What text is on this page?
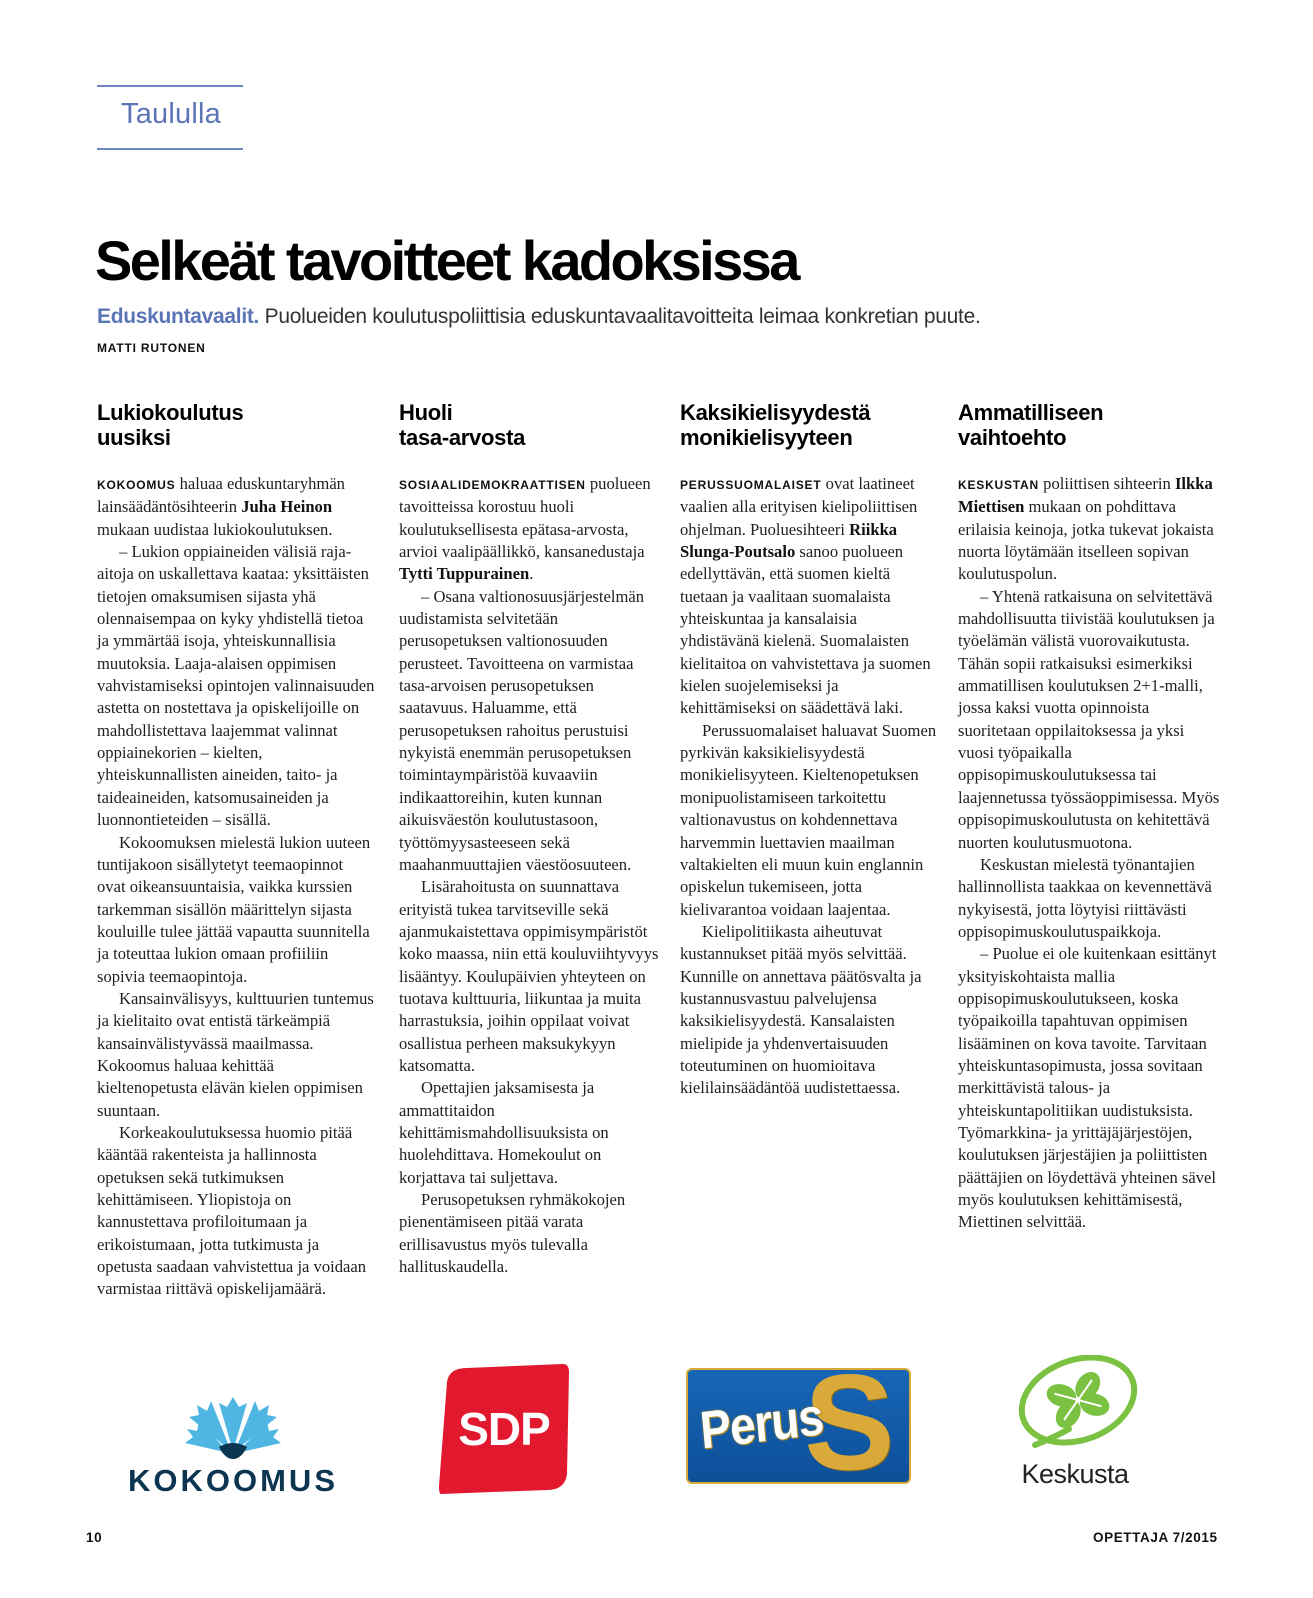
Taululla
Selkeät tavoitteet kadoksissa
Eduskuntavaalit. Puolueiden koulutuspoliittisia eduskuntavaalitavoitteita leimaa konkretian puute.
MATTI RUTONEN
Lukiokoulutus
uusiksi

KOKOOMUS haluaa eduskuntaryhmän lainsäädäntösihteerin Juha Heinon mukaan uudistaa lukiokoulutuksen.

– Lukion oppiaineiden välisiä raja-aitoja on uskallettava kaataa: yksittäisten tietojen omaksumisen sijasta yhä olennaisempaa on kyky yhdistellä tietoa ja ymmärtää isoja, yhteiskunnallisia muutoksia. Laaja-alaisen oppimisen vahvistamiseksi opintojen valinnaisuuden astetta on nostettava ja opiskelijoille on mahdollistettava laajemmat valinnat oppiainekorien – kielten, yhteiskunnallisten aineiden, taito- ja taideaineiden, katsomusaineiden ja luonnontieteiden – sisällä.

Kokoomuksen mielestä lukion uuteen tuntijakoon sisällytetyt teemaopinnot ovat oikeansuuntaisia, vaikka kurssien tarkemman sisällön määrittelyn sijasta kouluille tulee jättää vapautta suunnitella ja toteuttaa lukion omaan profiiliin sopivia teemaopintoja.

Kansainvälisyys, kulttuurien tuntemus ja kielitaito ovat entistä tärkeämpiä kansainvälistyvässä maailmassa. Kokoomus haluaa kehittää kieltenopetusta elävän kielen oppimisen suuntaan.

Korkeakoulutuksessa huomio pitää kääntää rakenteista ja hallinnosta opetuksen sekä tutkimuksen kehittämiseen. Yliopistoja on kannustettava profiloitumaan ja erikoistumaan, jotta tutkimusta ja opetusta saadaan vahvistettua ja voidaan varmistaa riittävä opiskelijamäärä.

Huoli
tasa-arvosta

SOSIAALIDEMOKRAATTISEN puolueen tavoitteissa korostuu huoli koulutuksellisesta epätasa-arvosta, arvioi vaalipäällikkö, kansanedustaja Tytti Tuppurainen.

– Osana valtionosuusjärjestelmän uudistamista selvitetään perusopetuksen valtionosuuden perusteet. Tavoitteena on varmistaa tasa-arvoisen perusopetuksen saatavuus. Haluamme, että perusopetuksen rahoitus perustuisi nykyistä enemmän perusopetuksen toimintaympäristöä kuvaaviin indikaattoreihin, kuten kunnan aikuisväestön koulutustasoon, työttömyysasteeseen sekä maahanmuuttajien väestöosuuteen.

Lisärahoitusta on suunnattava erityistä tukea tarvitseville sekä ajanmukaistettava oppimisympäristöt koko maassa, niin että kouluviihtyvyys lisääntyy. Koulupäivien yhteyteen on tuotava kulttuuria, liikuntaa ja muita harrastuksia, joihin oppilaat voivat osallistua perheen maksukykyyn katsomatta.

Opettajien jaksamisesta ja ammattitaidon kehittämismahdollisuuksista on huolehdittava. Homekoulut on korjattava tai suljettava.

Perusopetuksen ryhmäkokojen pienentämiseen pitää varata erillisavustus myös tulevalla hallituskaudella.

Kaksikielisyydestä
monikielisyyteen

PERUSSUOMALAISET ovat laatineet vaalien alla erityisen kielipoliittisen ohjelman. Puoluesihteeri Riikka Slunga-Poutsalo sanoo puolueen edellyttävän, että suomen kieltä tuetaan ja vaalitaan suomalaista yhteiskuntaa ja kansalaisia yhdistävänä kielenä. Suomalaisten kielitaitoa on vahvistettava ja suomen kielen suojelemiseksi ja kehittämiseksi on säädettävä laki.

Perussuomalaiset haluavat Suomen pyrkivän kaksikielisyydestä monikielisyyteen. Kieltenopetuksen monipuolistamiseen tarkoitettu valtionavustus on kohdennettava harvemmin luettavien maailman valtakielten eli muun kuin englannin opiskelun tukemiseen, jotta kielivarantoa voidaan laajentaa.

Kielipolitiikasta aiheutuvat kustannukset pitää myös selvittää. Kunnille on annettava päätösvalta ja kustannusvastuu palvelujensa kaksikielisyydestä. Kansalaisten mielipide ja yhdenvertaisuuden toteutuminen on huomioitava kielilainsäädäntöä uudistettaessa.

Ammatilliseen
vaihtoehto

KESKUSTAN poliittisen sihteerin Ilkka Miettisen mukaan on pohdittava erilaisia keinoja, jotka tukevat jokaista nuorta löytämään itselleen sopivan koulutuspolun.

– Yhtenä ratkaisuna on selvitettävä mahdollisuutta tiivistää koulutuksen ja työelämän välistä vuorovaikutusta. Tähän sopii ratkaisuksi esimerkiksi ammatillisen koulutuksen 2+1-malli, jossa kaksi vuotta opinnoista suoritetaan oppilaitoksessa ja yksi vuosi työpaikalla oppisopimuskoulutuksessa tai laajennetussa työssäoppimisessa. Myös oppisopimuskoulutusta on kehitettävä nuorten koulutusmuotona.

Keskustan mielestä työnantajien hallinnollista taakkaa on kevennettävä nykyisestä, jotta löytyisi riittävästi oppisopimuskoulutuspaikkoja.

– Puolue ei ole kuitenkaan esittänyt yksityiskohtaista mallia oppisopimuskoulutukseen, koska työpaikoilla tapahtuvan oppimisen lisääminen on kova tavoite. Tarvitaan yhteiskuntasopimusta, jossa sovitaan merkittävistä talous- ja yhteiskuntapolitiikan uudistuksista. Työmarkkina- ja yrittäjäjärjestöjen, koulutuksen järjestäjien ja poliittisten päättäjien on löydettävä yhteinen sävel myös koulutuksen kehittämisestä, Miettinen selvittää.

KOKOOMUS
SDP S
Perus
Keskusta
10	OPETTAJA 7/2015
